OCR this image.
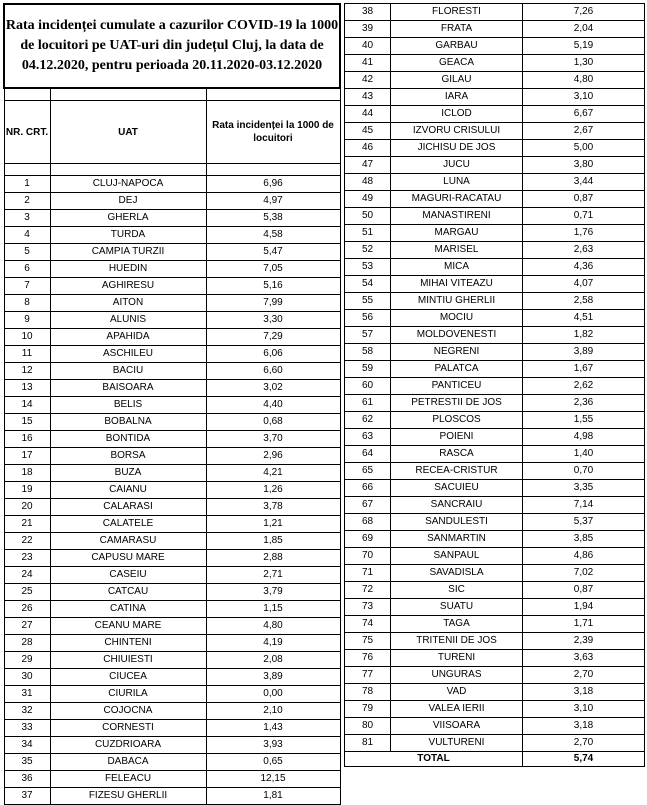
Rata incidenței cumulate a cazurilor COVID-19 la 1000 de locuitori pe UAT-uri din județul Cluj, la data de 04.12.2020, pentru perioada 20.11.2020-03.12.2020		

NR. CRT.	UAT	Rata incidenței la 1000 de locuitori

1	CLUJ-NAPOCA	6,96
2	DEJ	4,97
3	GHERLA	5,38
4	TURDA	4,58
5	CAMPIA TURZII	5,47
6	HUEDIN	7,05
7	AGHIRESU	5,16
8	AITON	7,99
9	ALUNIS	3,30
10	APAHIDA	7,29
11	ASCHILEU	6,06
12	BACIU	6,60
13	BAISOARA	3,02
14	BELIS	4,40
15	BOBALNA	0,68
16	BONTIDA	3,70
17	BORSA	2,96
18	BUZA	4,21
19	CAIANU	1,26
20	CALARASI	3,78
21	CALATELE	1,21
22	CAMARASU	1,85
23	CAPUSU MARE	2,88
24	CASEIU	2,71
25	CATCAU	3,79
26	CATINA	1,15
27	CEANU MARE	4,80
28	CHINTENI	4,19
29	CHIUIESTI	2,08
30	CIUCEA	3,89
31	CIURILA	0,00
32	COJOCNA	2,10
33	CORNESTI	1,43
34	CUZDRIOARA	3,93
35	DABACA	0,65
36	FELEACU	12,15
37	FIZESU GHERLII	1,81
38	FLORESTI	7,26
39	FRATA	2,04
40	GARBAU	5,19
41	GEACA	1,30
42	GILAU	4,80
43	IARA	3,10
44	ICLOD	6,67
45	IZVORU CRISULUI	2,67
46	JICHISU DE JOS	5,00
47	JUCU	3,80
48	LUNA	3,44
49	MAGURI-RACATAU	0,87
50	MANASTIRENI	0,71
51	MARGAU	1,76
52	MARISEL	2,63
53	MICA	4,36
54	MIHAI VITEAZU	4,07
55	MINTIU GHERLII	2,58
56	MOCIU	4,51
57	MOLDOVENESTI	1,82
58	NEGRENI	3,89
59	PALATCA	1,67
60	PANTICEU	2,62
61	PETRESTII DE JOS	2,36
62	PLOSCOS	1,55
63	POIENI	4,98
64	RASCA	1,40
65	RECEA-CRISTUR	0,70
66	SACUIEU	3,35
67	SANCRAIU	7,14
68	SANDULESTI	5,37
69	SANMARTIN	3,85
70	SANPAUL	4,86
71	SAVADISLA	7,02
72	SIC	0,87
73	SUATU	1,94
74	TAGA	1,71
75	TRITENII DE JOS	2,39
76	TURENI	3,63
77	UNGURAS	2,70
78	VAD	3,18
79	VALEA IERII	3,10
80	VIISOARA	3,18
81	VULTURENI	2,70
TOTAL		5,74
